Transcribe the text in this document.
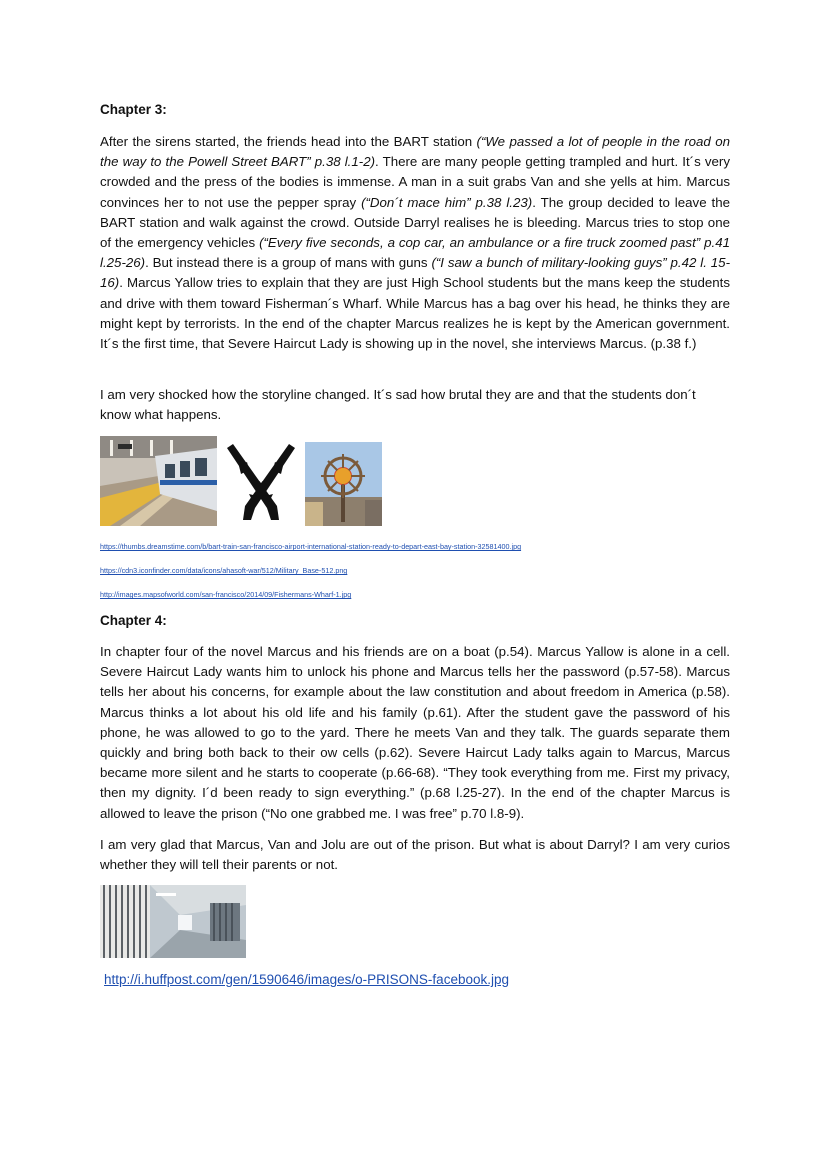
Chapter 3:

After the sirens started, the friends head into the BART station (“We passed a lot of people in the road on the way to the Powell Street BART” p.38 l.1-2). There are many people getting trampled and hurt. It´s very crowded and the press of the bodies is immense. A man in a suit grabs Van and she yells at him. Marcus convinces her to not use the pepper spray (“Don´t mace him” p.38 l.23). The group decided to leave the BART station and walk against the crowd. Outside Darryl realises he is bleeding. Marcus tries to stop one of the emergency vehicles (“Every five seconds, a cop car, an ambulance or a fire truck zoomed past” p.41 l.25-26). But instead there is a group of mans with guns (“I saw a bunch of military-looking guys” p.42 l. 15-16). Marcus Yallow tries to explain that they are just High School students but the mans keep the students and drive with them toward Fisherman´s Wharf. While Marcus has a bag over his head, he thinks they are might kept by terrorists. In the end of the chapter Marcus realizes he is kept by the American government. It´s the first time, that Severe Haircut Lady is showing up in the novel, she interviews Marcus. (p.38 f.)

I am very shocked how the storyline changed. It´s sad how brutal they are and that the students don´t know what happens.

https://thumbs.dreamstime.com/b/bart-train-san-francisco-airport-international-station-ready-to-depart-east-bay-station-32581400.jpg
https://cdn3.iconfinder.com/data/icons/ahasoft-war/512/Military_Base-512.png
http://images.mapsofworld.com/san-francisco/2014/09/Fishermans-Wharf-1.jpg
Chapter 4:

In chapter four of the novel Marcus and his friends are on a boat (p.54). Marcus Yallow is alone in a cell. Severe Haircut Lady wants him to unlock his phone and Marcus tells her the password (p.57-58). Marcus tells her about his concerns, for example about the law constitution and about freedom in America (p.58). Marcus thinks a lot about his old life and his family (p.61). After the student gave the password of his phone, he was allowed to go to the yard. There he meets Van and they talk. The guards separate them quickly and bring both back to their ow cells (p.62). Severe Haircut Lady talks again to Marcus, Marcus became more silent and he starts to cooperate (p.66-68). “They took everything from me. First my privacy, then my dignity. I´d been ready to sign everything.” (p.68 l.25-27). In the end of the chapter Marcus is allowed to leave the prison (“No one grabbed me. I was free” p.70 l.8-9).

I am very glad that Marcus, Van and Jolu are out of the prison. But what is about Darryl? I am very curios whether they will tell their parents or not.

http://i.huffpost.com/gen/1590646/images/o-PRISONS-facebook.jpg
